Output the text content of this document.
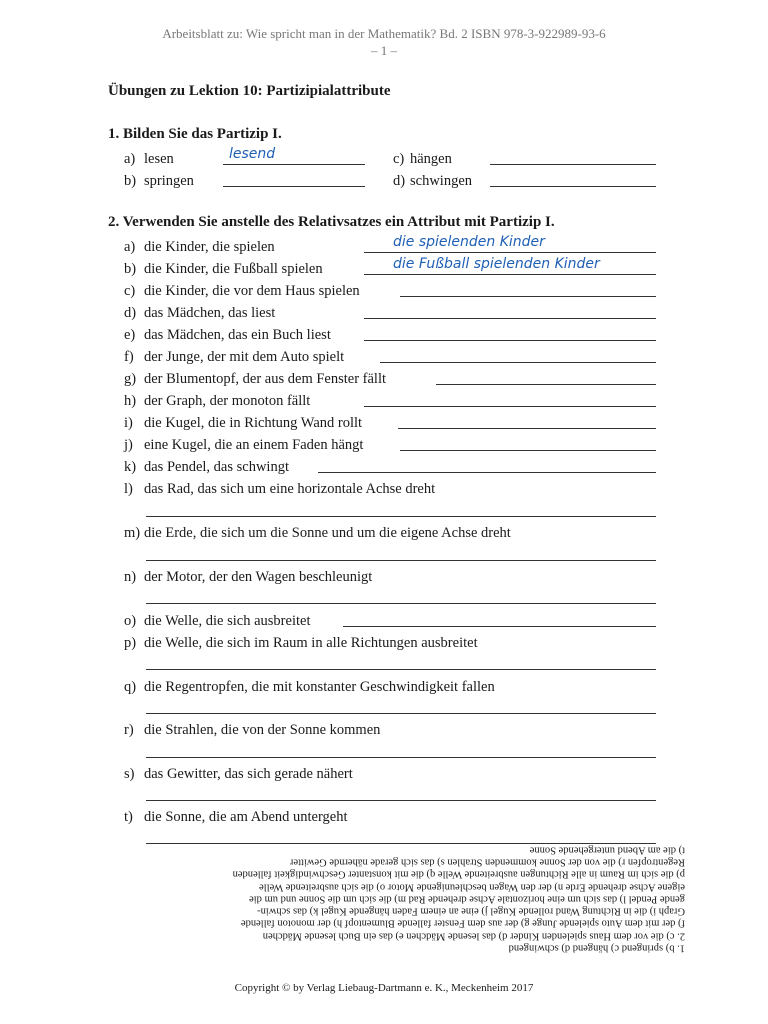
Arbeitsblatt zu: Wie spricht man in der Mathematik? Bd. 2 ISBN 978-3-922989-93-6
– 1 –
Übungen zu Lektion 10: Partizipialattribute
1. Bilden Sie das Partizip I.
a) lesen	lesend
b) springen
c) hängen
d) schwingen
2. Verwenden Sie anstelle des Relativsatzes ein Attribut mit Partizip I.
a) die Kinder, die spielen	die spielenden Kinder
b) die Kinder, die Fußball spielen	die Fußball spielenden Kinder
c) die Kinder, die vor dem Haus spielen
d) das Mädchen, das liest
e) das Mädchen, das ein Buch liest
f) der Junge, der mit dem Auto spielt
g) der Blumentopf, der aus dem Fenster fällt
h) der Graph, der monoton fällt
i) die Kugel, die in Richtung Wand rollt
j) eine Kugel, die an einem Faden hängt
k) das Pendel, das schwingt
l) das Rad, das sich um eine horizontale Achse dreht
m) die Erde, die sich um die Sonne und um die eigene Achse dreht
n) der Motor, der den Wagen beschleunigt
o) die Welle, die sich ausbreitet
p) die Welle, die sich im Raum in alle Richtungen ausbreitet
q) die Regentropfen, die mit konstanter Geschwindigkeit fallen
r) die Strahlen, die von der Sonne kommen
s) das Gewitter, das sich gerade nähert
t) die Sonne, die am Abend untergeht
1. b) springend c) hängend d) schwingend
2. c) die vor dem Haus spielenden Kinder d) das lesende Mädchen e) das ein Buch lesende Mädchen
f) der mit dem Auto spielende Junge g) der aus dem Fenster fallende Blumentopf h) der monoton fallende
Graph i) die in Richtung Wand rollende Kugel j) eine an einem Faden hängende Kugel k) das schwin-
gende Pendel l) das sich um eine horizontale Achse drehende Rad m) die sich um die Sonne und um die
eigene Achse drehende Erde n) der den Wagen beschleunigende Motor o) die sich ausbreitende Welle
p) die sich im Raum in alle Richtungen ausbreitende Welle q) die mit konstanter Geschwindigkeit fallenden
Regentropfen r) die von der Sonne kommenden Strahlen s) das sich gerade nähernde Gewitter
t) die am Abend untergehende Sonne
Copyright © by Verlag Liebaug-Dartmann e. K., Meckenheim 2017
